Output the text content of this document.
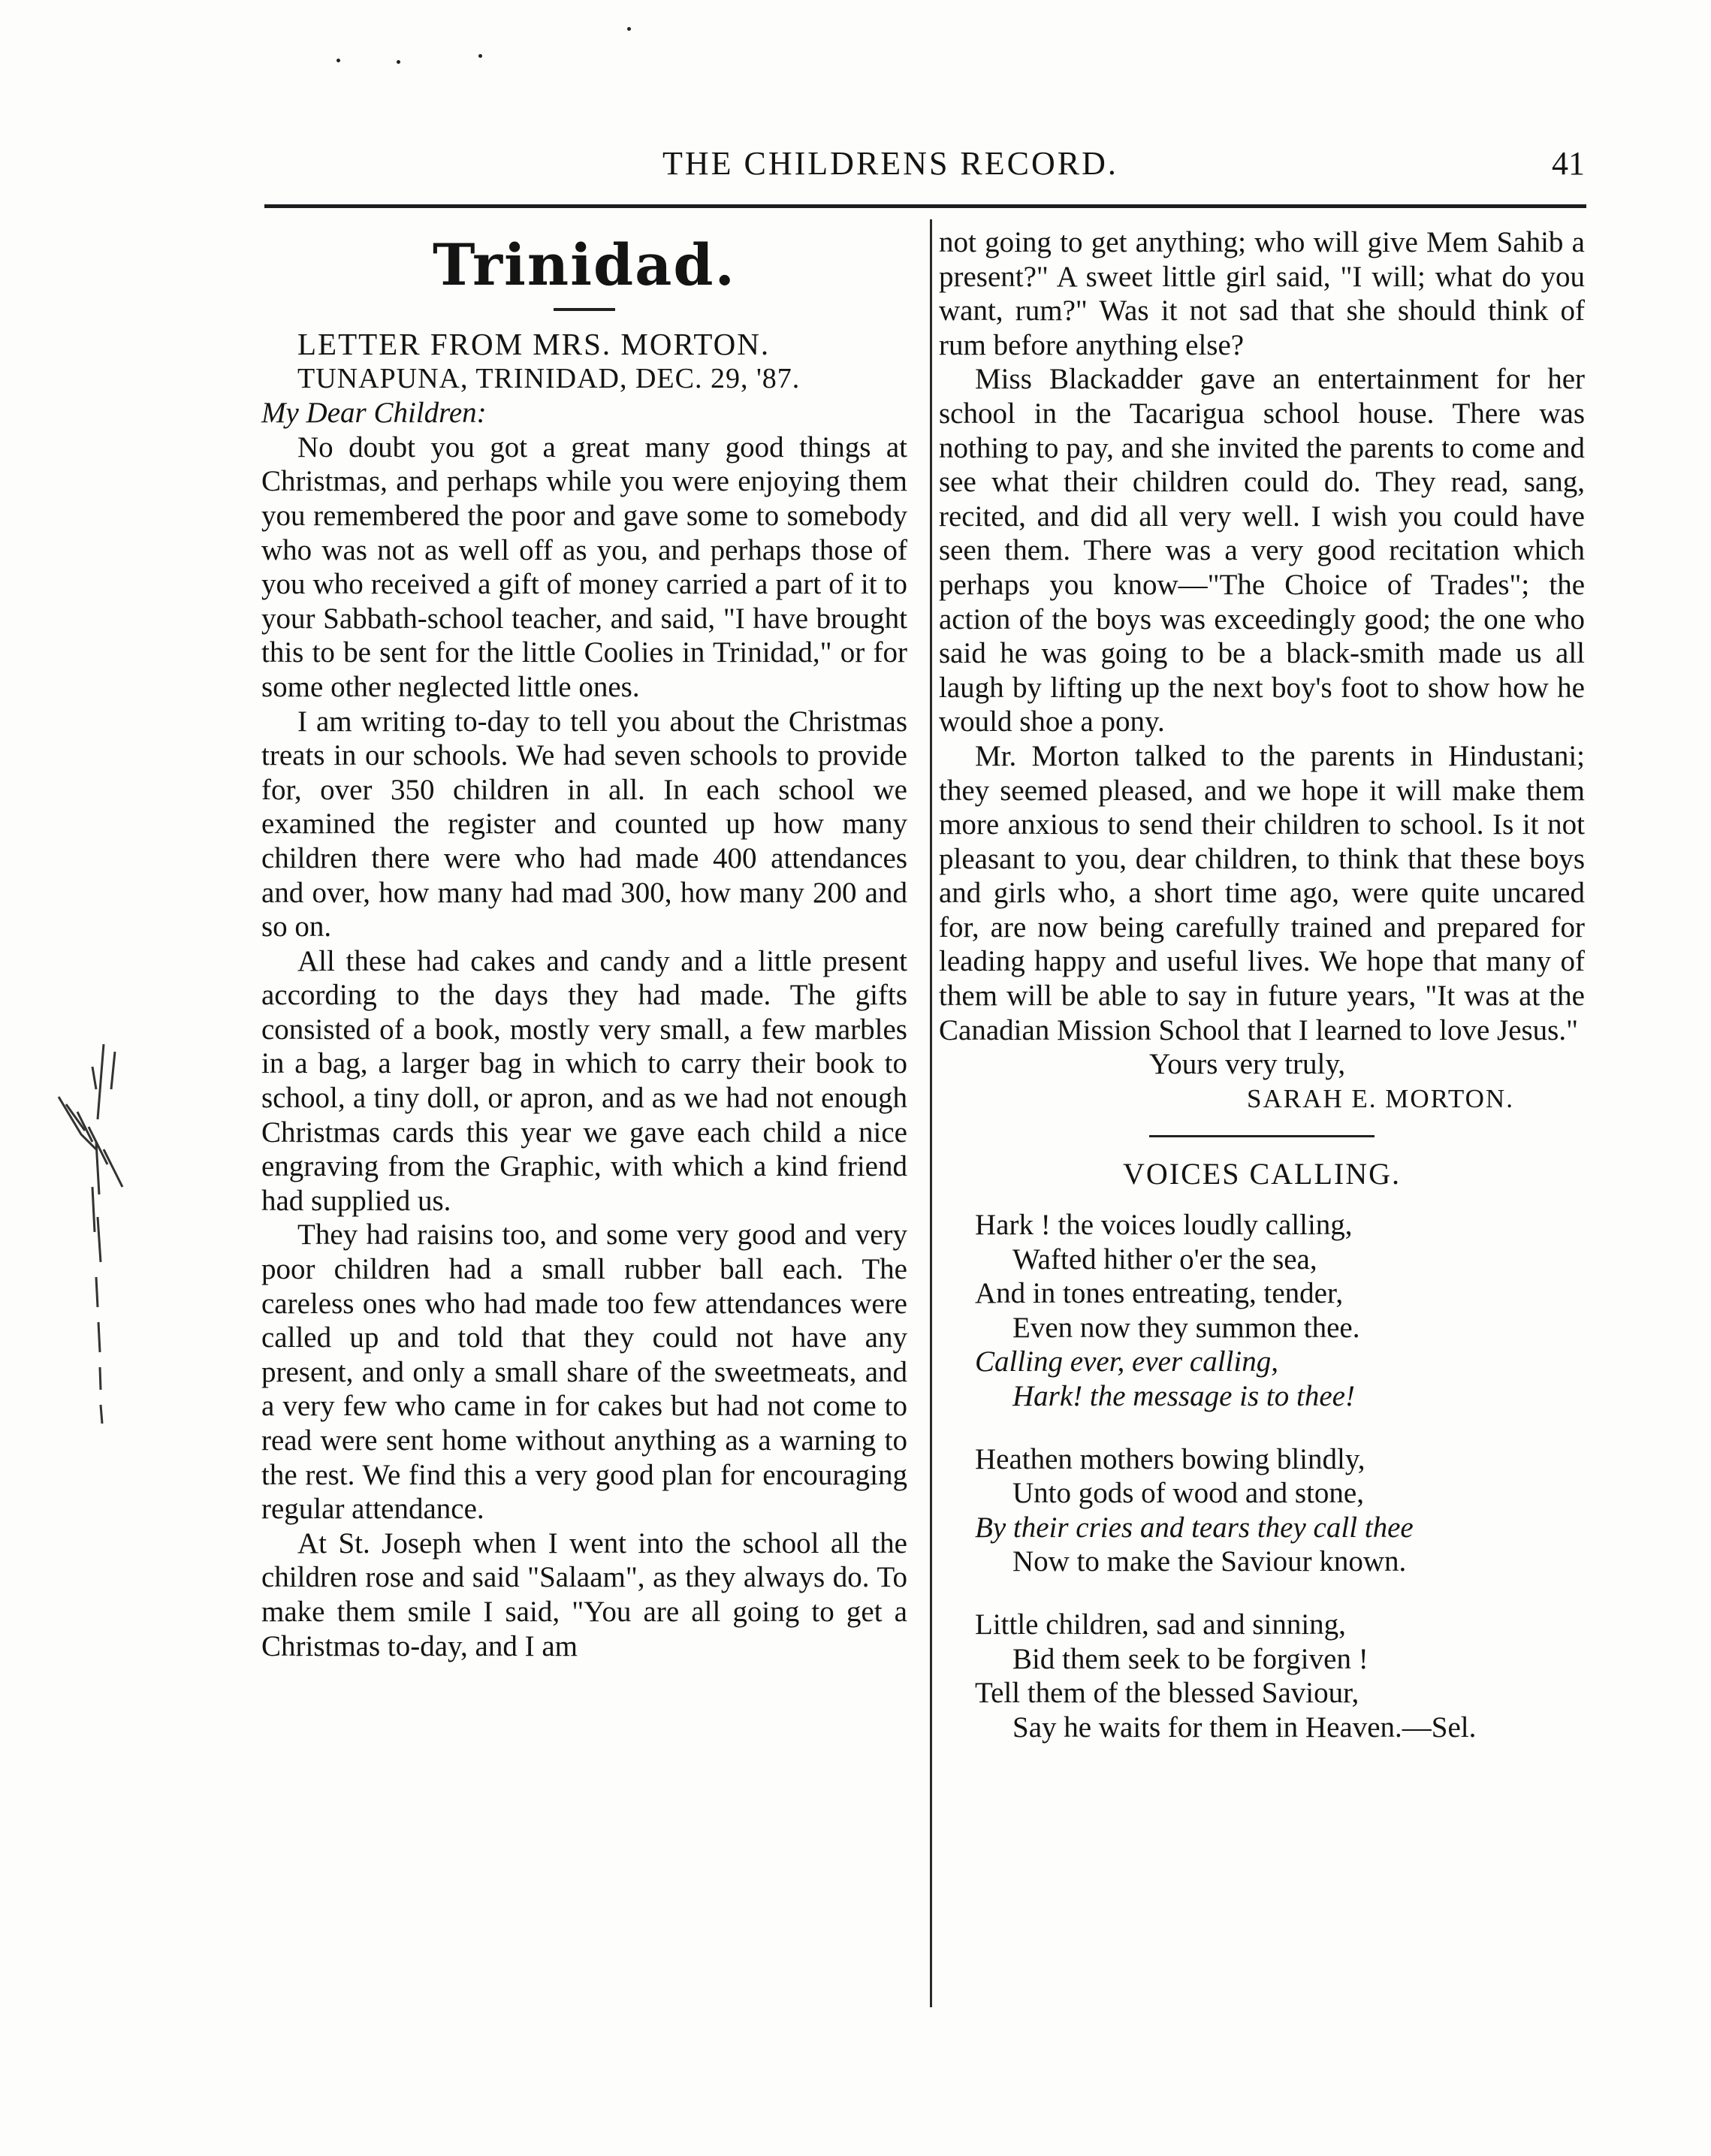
THE CHILDRENS RECORD.	41
Trinidad.

LETTER FROM MRS. MORTON.

TUNAPUNA, TRINIDAD, DEC. 29, '87.

My Dear Children:

No doubt you got a great many good things at Christmas, and perhaps while you were enjoying them you remembered the poor and gave some to somebody who was not as well off as you, and perhaps those of you who received a gift of money carried a part of it to your Sabbath-school teacher, and said, "I have brought this to be sent for the little Coolies in Trinidad," or for some other neglected little ones.

I am writing to-day to tell you about the Christmas treats in our schools. We had seven schools to provide for, over 350 children in all. In each school we examined the register and counted up how many children there were who had made 400 attendances and over, how many had mad 300, how many 200 and so on.

All these had cakes and candy and a little present according to the days they had made. The gifts consisted of a book, mostly very small, a few marbles in a bag, a larger bag in which to carry their book to school, a tiny doll, or apron, and as we had not enough Christmas cards this year we gave each child a nice engraving from the Graphic, with which a kind friend had supplied us.

They had raisins too, and some very good and very poor children had a small rubber ball each. The careless ones who had made too few attendances were called up and told that they could not have any present, and only a small share of the sweetmeats, and a very few who came in for cakes but had not come to read were sent home without anything as a warning to the rest. We find this a very good plan for encouraging regular attendance.

At St. Joseph when I went into the school all the children rose and said "Salaam", as they always do. To make them smile I said, "You are all going to get a Christmas to-day, and I am

not going to get anything; who will give Mem Sahib a present?" A sweet little girl said, "I will; what do you want, rum?" Was it not sad that she should think of rum before anything else?

Miss Blackadder gave an entertainment for her school in the Tacarigua school house. There was nothing to pay, and she invited the parents to come and see what their children could do. They read, sang, recited, and did all very well. I wish you could have seen them. There was a very good recitation which perhaps you know—"The Choice of Trades"; the action of the boys was exceedingly good; the one who said he was going to be a black-smith made us all laugh by lifting up the next boy's foot to show how he would shoe a pony.

Mr. Morton talked to the parents in Hindustani; they seemed pleased, and we hope it will make them more anxious to send their children to school. Is it not pleasant to you, dear children, to think that these boys and girls who, a short time ago, were quite uncared for, are now being carefully trained and prepared for leading happy and useful lives. We hope that many of them will be able to say in future years, "It was at the Canadian Mission School that I learned to love Jesus."

Yours very truly,

SARAH E. MORTON.

VOICES CALLING.

Hark ! the voices loudly calling,

Wafted hither o'er the sea,

And in tones entreating, tender,

Even now they summon thee.

Calling ever, ever calling,

Hark! the message is to thee!

Heathen mothers bowing blindly,

Unto gods of wood and stone,

By their cries and tears they call thee

Now to make the Saviour known.

Little children, sad and sinning,

Bid them seek to be forgiven !

Tell them of the blessed Saviour,

Say he waits for them in Heaven.—Sel.
